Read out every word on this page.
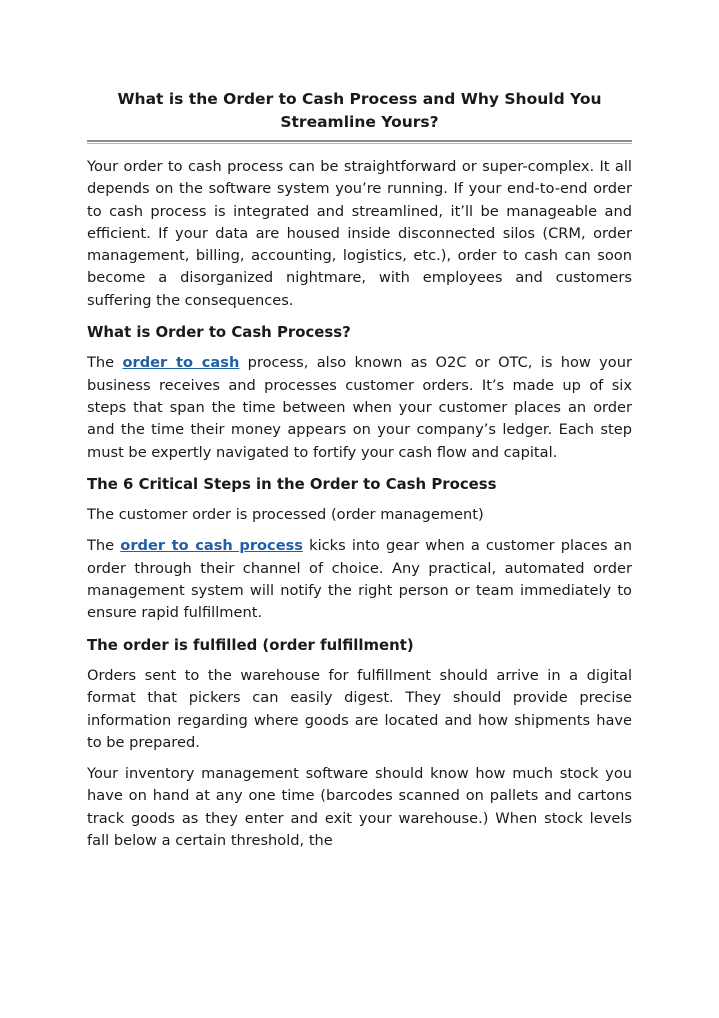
What is the Order to Cash Process and Why Should You Streamline Yours?

Your order to cash process can be straightforward or super-complex. It all depends on the software system you’re running. If your end-to-end order to cash process is integrated and streamlined, it’ll be manageable and efficient. If your data are housed inside disconnected silos (CRM, order management, billing, accounting, logistics, etc.), order to cash can soon become a disorganized nightmare, with employees and customers suffering the consequences.

What is Order to Cash Process?

The order to cash process, also known as O2C or OTC, is how your business receives and processes customer orders. It’s made up of six steps that span the time between when your customer places an order and the time their money appears on your company’s ledger. Each step must be expertly navigated to fortify your cash flow and capital.

The 6 Critical Steps in the Order to Cash Process

The customer order is processed (order management)

The order to cash process kicks into gear when a customer places an order through their channel of choice. Any practical, automated order management system will notify the right person or team immediately to ensure rapid fulfillment.

The order is fulfilled (order fulfillment)

Orders sent to the warehouse for fulfillment should arrive in a digital format that pickers can easily digest. They should provide precise information regarding where goods are located and how shipments have to be prepared.

Your inventory management software should know how much stock you have on hand at any one time (barcodes scanned on pallets and cartons track goods as they enter and exit your warehouse.) When stock levels fall below a certain threshold, the
